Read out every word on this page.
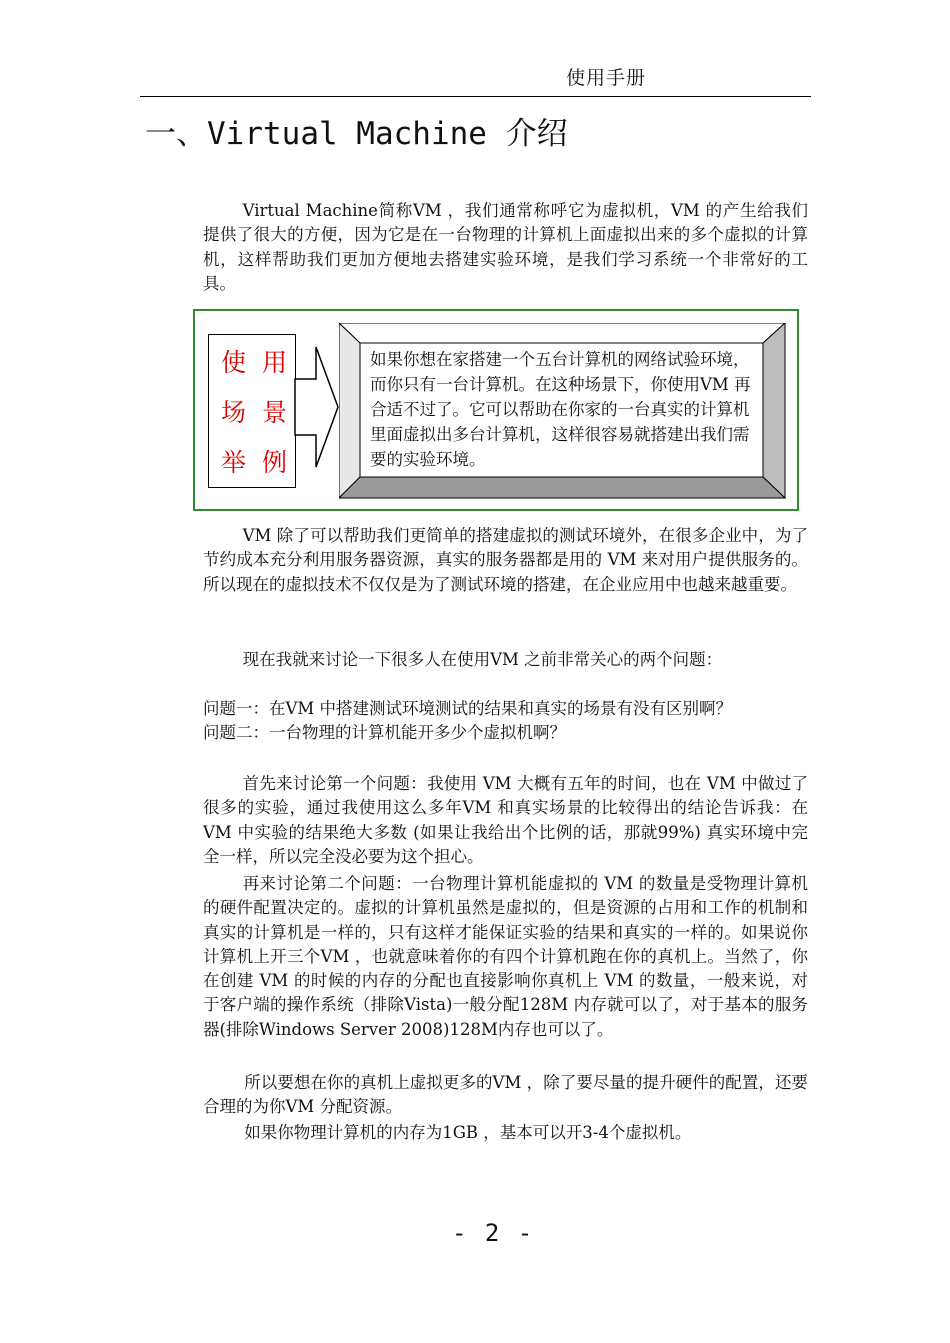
使用手册
一、Virtual Machine 介绍

Virtual Machine简称VM ，我们通常称呼它为虚拟机，VM 的产生给我们提供了很大的方便，因为它是在一台物理的计算机上面虚拟出来的多个虚拟的计算机，这样帮助我们更加方便地去搭建实验环境，是我们学习系统一个非常好的工具。

使 用
场 景
举 例

如果你想在家搭建一个五台计算机的网络试验环境，而你只有一台计算机。在这种场景下，你使用VM 再合适不过了。它可以帮助在你家的一台真实的计算机里面虚拟出多台计算机，这样很容易就搭建出我们需要的实验环境。

VM 除了可以帮助我们更简单的搭建虚拟的测试环境外，在很多企业中，为了节约成本充分利用服务器资源，真实的服务器都是用的 VM 来对用户提供服务的。所以现在的虚拟技术不仅仅是为了测试环境的搭建，在企业应用中也越来越重要。

现在我就来讨论一下很多人在使用VM 之前非常关心的两个问题：

问题一：在VM 中搭建测试环境测试的结果和真实的场景有没有区别啊？

问题二：一台物理的计算机能开多少个虚拟机啊？

首先来讨论第一个问题：我使用 VM 大概有五年的时间，也在 VM 中做过了很多的实验，通过我使用这么多年VM 和真实场景的比较得出的结论告诉我：在VM 中实验的结果绝大多数 (如果让我给出个比例的话，那就99%) 真实环境中完全一样，所以完全没必要为这个担心。

再来讨论第二个问题：一台物理计算机能虚拟的 VM 的数量是受物理计算机的硬件配置决定的。虚拟的计算机虽然是虚拟的，但是资源的占用和工作的机制和真实的计算机是一样的，只有这样才能保证实验的结果和真实的一样的。如果说你计算机上开三个VM ，也就意味着你的有四个计算机跑在你的真机上。当然了，你在创建 VM 的时候的内存的分配也直接影响你真机上 VM 的数量，一般来说，对于客户端的操作系统（排除Vista)一般分配128M 内存就可以了，对于基本的服务器(排除Windows Server 2008)128M内存也可以了。

所以要想在你的真机上虚拟更多的VM ，除了要尽量的提升硬件的配置，还要合理的为你VM 分配资源。

如果你物理计算机的内存为1GB ，基本可以开3-4个虚拟机。

- 2 -
